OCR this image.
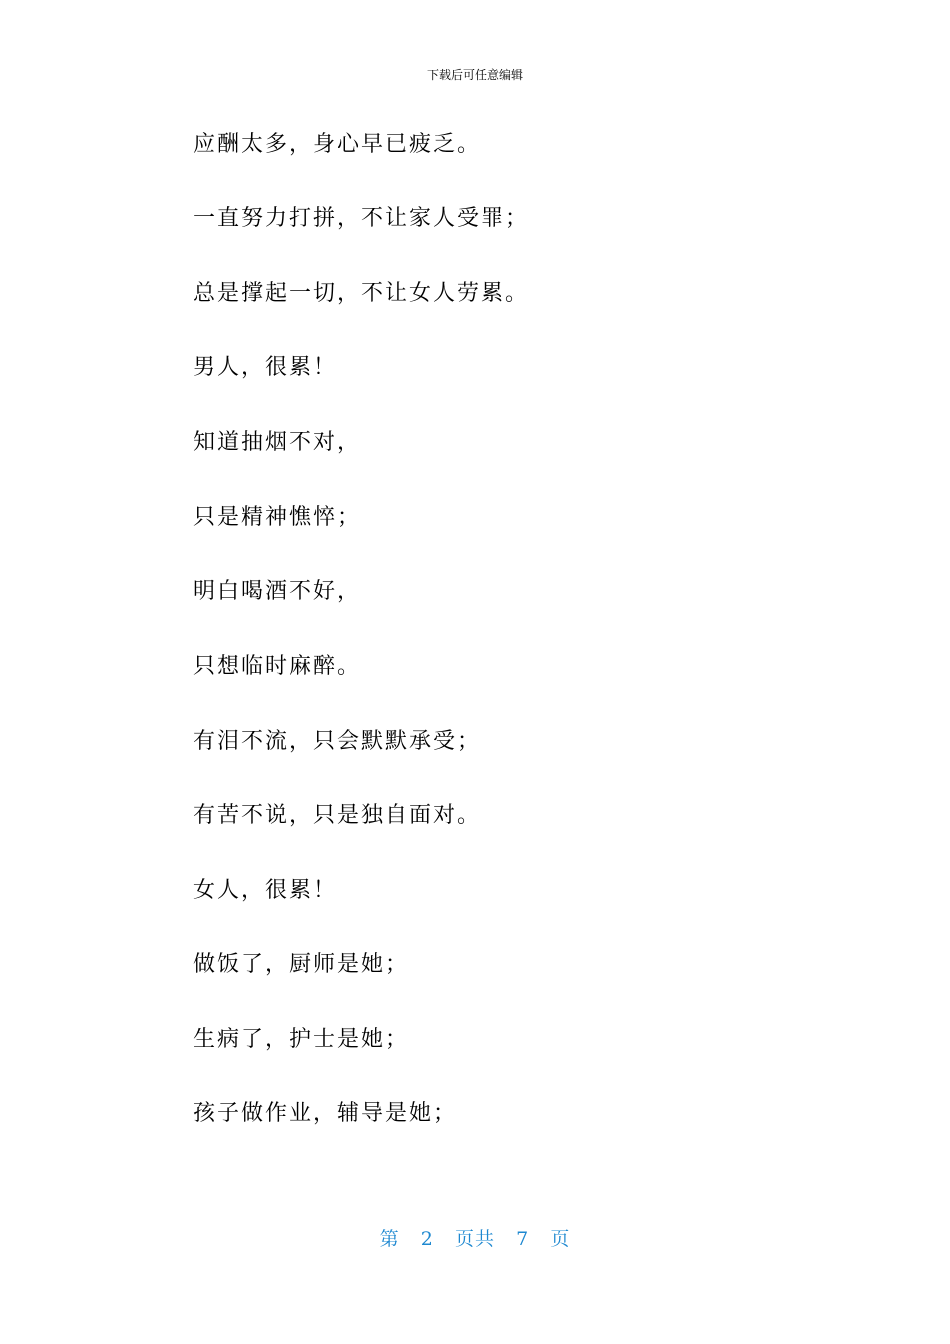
下载后可任意编辑
应酬太多，身心早已疲乏。
一直努力打拼，不让家人受罪；
总是撑起一切，不让女人劳累。
男人，很累！
知道抽烟不对，
只是精神憔悴；
明白喝酒不好，
只想临时麻醉。
有泪不流，只会默默承受；
有苦不说，只是独自面对。
女人，很累！
做饭了，厨师是她；
生病了，护士是她；
孩子做作业，辅导是她；
第 2 页共 7 页
